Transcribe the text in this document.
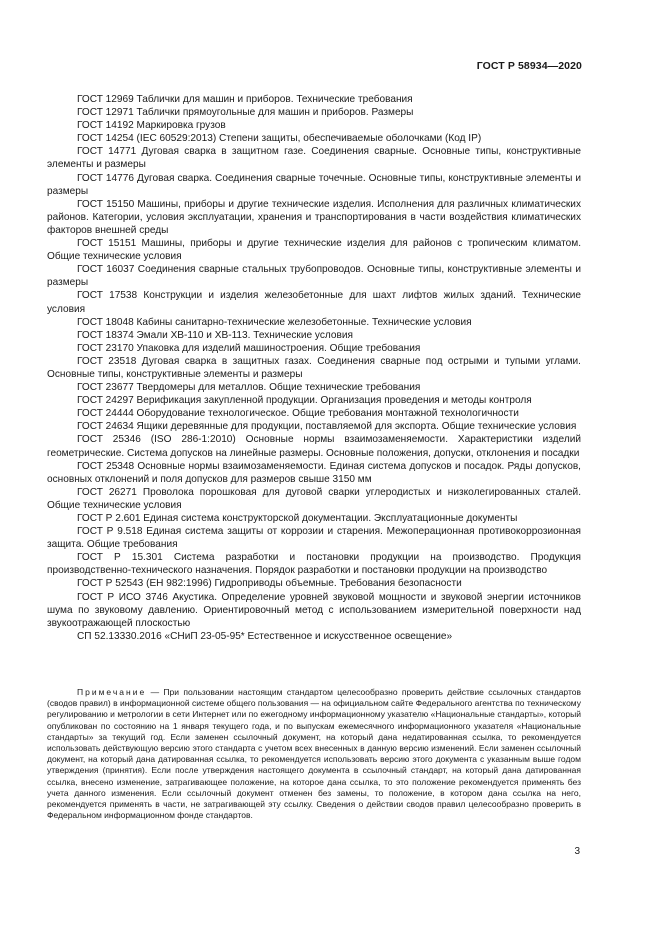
ГОСТ Р 58934—2020

ГОСТ 12969 Таблички для машин и приборов. Технические требования

ГОСТ 12971 Таблички прямоугольные для машин и приборов. Размеры

ГОСТ 14192 Маркировка грузов

ГОСТ 14254 (IEC 60529:2013) Степени защиты, обеспечиваемые оболочками (Код IP)

ГОСТ 14771 Дуговая сварка в защитном газе. Соединения сварные. Основные типы, конструктивные элементы и размеры

ГОСТ 14776 Дуговая сварка. Соединения сварные точечные. Основные типы, конструктивные элементы и размеры

ГОСТ 15150 Машины, приборы и другие технические изделия. Исполнения для различных климатических районов. Категории, условия эксплуатации, хранения и транспортирования в части воздействия климатических факторов внешней среды

ГОСТ 15151 Машины, приборы и другие технические изделия для районов с тропическим климатом. Общие технические условия

ГОСТ 16037 Соединения сварные стальных трубопроводов. Основные типы, конструктивные элементы и размеры

ГОСТ 17538 Конструкции и изделия железобетонные для шахт лифтов жилых зданий. Технические условия

ГОСТ 18048 Кабины санитарно-технические железобетонные. Технические условия

ГОСТ 18374 Эмали ХВ-110 и ХВ-113. Технические условия

ГОСТ 23170 Упаковка для изделий машиностроения. Общие требования

ГОСТ 23518 Дуговая сварка в защитных газах. Соединения сварные под острыми и тупыми углами. Основные типы, конструктивные элементы и размеры

ГОСТ 23677 Твердомеры для металлов. Общие технические требования

ГОСТ 24297 Верификация закупленной продукции. Организация проведения и методы контроля

ГОСТ 24444 Оборудование технологическое. Общие требования монтажной технологичности

ГОСТ 24634 Ящики деревянные для продукции, поставляемой для экспорта. Общие технические условия

ГОСТ 25346 (ISO 286-1:2010) Основные нормы взаимозаменяемости. Характеристики изделий геометрические. Система допусков на линейные размеры. Основные положения, допуски, отклонения и посадки

ГОСТ 25348 Основные нормы взаимозаменяемости. Единая система допусков и посадок. Ряды допусков, основных отклонений и поля допусков для размеров свыше 3150 мм

ГОСТ 26271 Проволока порошковая для дуговой сварки углеродистых и низколегированных сталей. Общие технические условия

ГОСТ Р 2.601 Единая система конструкторской документации. Эксплуатационные документы

ГОСТ Р 9.518 Единая система защиты от коррозии и старения. Межоперационная противокоррозионная защита. Общие требования

ГОСТ Р 15.301 Система разработки и постановки продукции на производство. Продукция производственно-технического назначения. Порядок разработки и постановки продукции на производство

ГОСТ Р 52543 (ЕН 982:1996) Гидроприводы объемные. Требования безопасности

ГОСТ Р ИСО 3746 Акустика. Определение уровней звуковой мощности и звуковой энергии источников шума по звуковому давлению. Ориентировочный метод с использованием измерительной поверхности над звукоотражающей плоскостью

СП 52.13330.2016 «СНиП 23-05-95* Естественное и искусственное освещение»

Примечание — При пользовании настоящим стандартом целесообразно проверить действие ссылочных стандартов (сводов правил) в информационной системе общего пользования — на официальном сайте Федерального агентства по техническому регулированию и метрологии в сети Интернет или по ежегодному информационному указателю «Национальные стандарты», который опубликован по состоянию на 1 января текущего года, и по выпускам ежемесячного информационного указателя «Национальные стандарты» за текущий год. Если заменен ссылочный документ, на который дана недатированная ссылка, то рекомендуется использовать действующую версию этого стандарта с учетом всех внесенных в данную версию изменений. Если заменен ссылочный документ, на который дана датированная ссылка, то рекомендуется использовать версию этого документа с указанным выше годом утверждения (принятия). Если после утверждения настоящего документа в ссылочный стандарт, на который дана датированная ссылка, внесено изменение, затрагивающее положение, на которое дана ссылка, то это положение рекомендуется применять без учета данного изменения. Если ссылочный документ отменен без замены, то положение, в котором дана ссылка на него, рекомендуется применять в части, не затрагивающей эту ссылку. Сведения о действии сводов правил целесообразно проверить в Федеральном информационном фонде стандартов.

3
